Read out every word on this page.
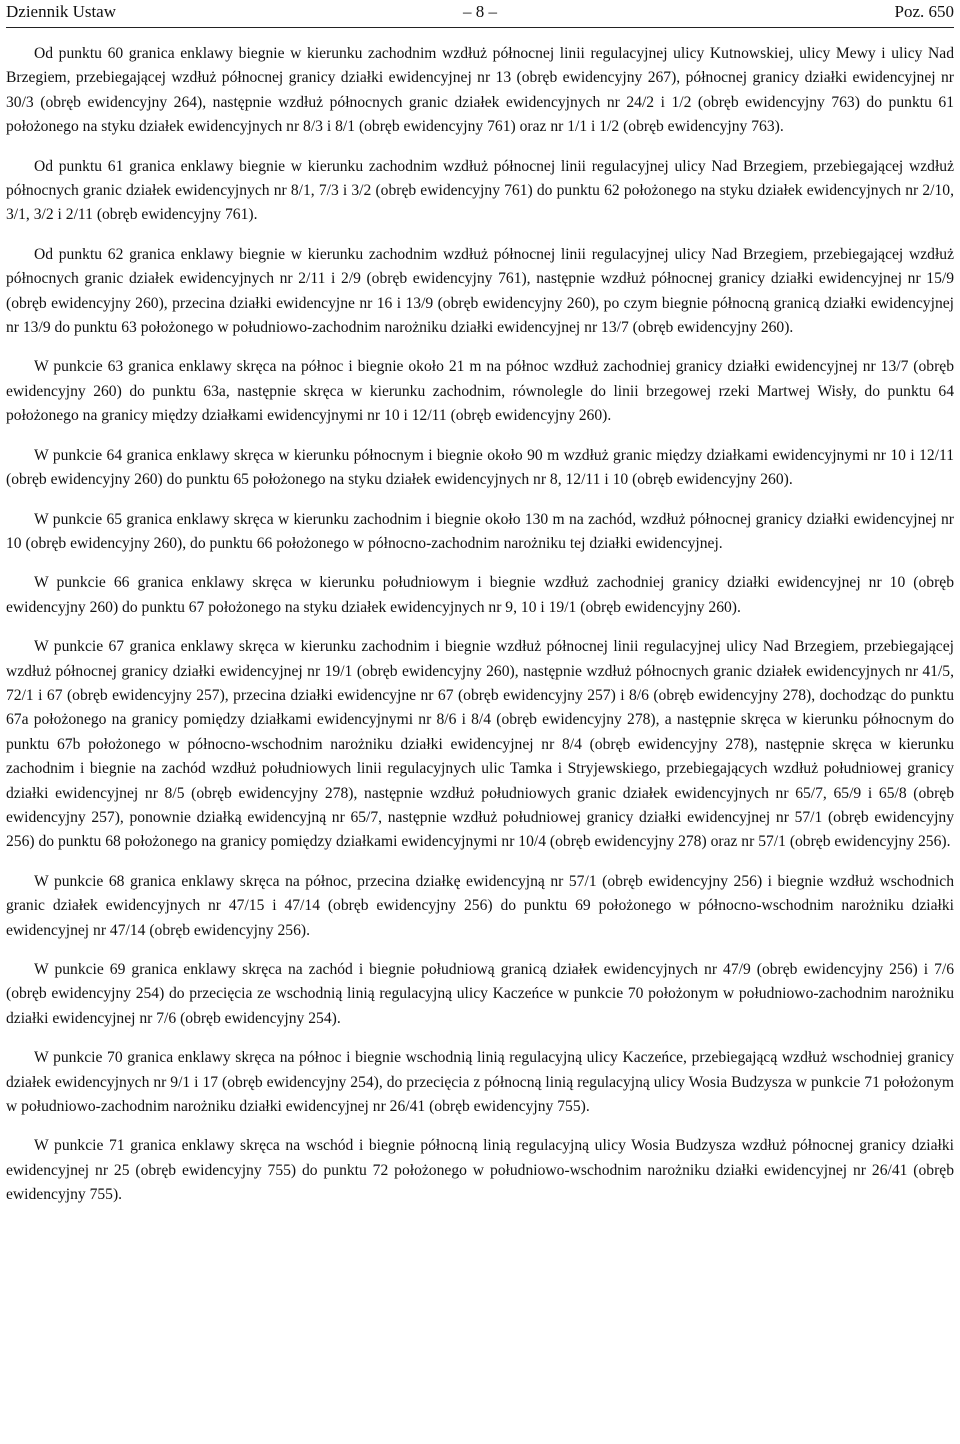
Dziennik Ustaw	– 8 –	Poz. 650

Od punktu 60 granica enklawy biegnie w kierunku zachodnim wzdłuż północnej linii regulacyjnej ulicy Kutnowskiej, ulicy Mewy i ulicy Nad Brzegiem, przebiegającej wzdłuż północnej granicy działki ewidencyjnej nr 13 (obręb ewidencyjny 267), północnej granicy działki ewidencyjnej nr 30/3 (obręb ewidencyjny 264), następnie wzdłuż północnych granic działek ewidencyjnych nr 24/2 i 1/2 (obręb ewidencyjny 763) do punktu 61 położonego na styku działek ewidencyjnych nr 8/3 i 8/1 (obręb ewidencyjny 761) oraz nr 1/1 i 1/2 (obręb ewidencyjny 763).

Od punktu 61 granica enklawy biegnie w kierunku zachodnim wzdłuż północnej linii regulacyjnej ulicy Nad Brzegiem, przebiegającej wzdłuż północnych granic działek ewidencyjnych nr 8/1, 7/3 i 3/2 (obręb ewidencyjny 761) do punktu 62 położonego na styku działek ewidencyjnych nr 2/10, 3/1, 3/2 i 2/11 (obręb ewidencyjny 761).

Od punktu 62 granica enklawy biegnie w kierunku zachodnim wzdłuż północnej linii regulacyjnej ulicy Nad Brzegiem, przebiegającej wzdłuż północnych granic działek ewidencyjnych nr 2/11 i 2/9 (obręb ewidencyjny 761), następnie wzdłuż północnej granicy działki ewidencyjnej nr 15/9 (obręb ewidencyjny 260), przecina działki ewidencyjne nr 16 i 13/9 (obręb ewidencyjny 260), po czym biegnie północną granicą działki ewidencyjnej nr 13/9 do punktu 63 położonego w południowo-zachodnim narożniku działki ewidencyjnej nr 13/7 (obręb ewidencyjny 260).

W punkcie 63 granica enklawy skręca na północ i biegnie około 21 m na północ wzdłuż zachodniej granicy działki ewidencyjnej nr 13/7 (obręb ewidencyjny 260) do punktu 63a, następnie skręca w kierunku zachodnim, równolegle do linii brzegowej rzeki Martwej Wisły, do punktu 64 położonego na granicy między działkami ewidencyjnymi nr 10 i 12/11 (obręb ewidencyjny 260).

W punkcie 64 granica enklawy skręca w kierunku północnym i biegnie około 90 m wzdłuż granic między działkami ewidencyjnymi nr 10 i 12/11 (obręb ewidencyjny 260) do punktu 65 położonego na styku działek ewidencyjnych nr 8, 12/11 i 10 (obręb ewidencyjny 260).

W punkcie 65 granica enklawy skręca w kierunku zachodnim i biegnie około 130 m na zachód, wzdłuż północnej granicy działki ewidencyjnej nr 10 (obręb ewidencyjny 260), do punktu 66 położonego w północno-zachodnim narożniku tej działki ewidencyjnej.

W punkcie 66 granica enklawy skręca w kierunku południowym i biegnie wzdłuż zachodniej granicy działki ewidencyjnej nr 10 (obręb ewidencyjny 260) do punktu 67 położonego na styku działek ewidencyjnych nr 9, 10 i 19/1 (obręb ewidencyjny 260).

W punkcie 67 granica enklawy skręca w kierunku zachodnim i biegnie wzdłuż północnej linii regulacyjnej ulicy Nad Brzegiem, przebiegającej wzdłuż północnej granicy działki ewidencyjnej nr 19/1 (obręb ewidencyjny 260), następnie wzdłuż północnych granic działek ewidencyjnych nr 41/5, 72/1 i 67 (obręb ewidencyjny 257), przecina działki ewidencyjne nr 67 (obręb ewidencyjny 257) i 8/6 (obręb ewidencyjny 278), dochodząc do punktu 67a położonego na granicy pomiędzy działkami ewidencyjnymi nr 8/6 i 8/4 (obręb ewidencyjny 278), a następnie skręca w kierunku północnym do punktu 67b położonego w północno-wschodnim narożniku działki ewidencyjnej nr 8/4 (obręb ewidencyjny 278), następnie skręca w kierunku zachodnim i biegnie na zachód wzdłuż południowych linii regulacyjnych ulic Tamka i Stryjewskiego, przebiegających wzdłuż południowej granicy działki ewidencyjnej nr 8/5 (obręb ewidencyjny 278), następnie wzdłuż południowych granic działek ewidencyjnych nr 65/7, 65/9 i 65/8 (obręb ewidencyjny 257), ponownie działką ewidencyjną nr 65/7, następnie wzdłuż południowej granicy działki ewidencyjnej nr 57/1 (obręb ewidencyjny 256) do punktu 68 położonego na granicy pomiędzy działkami ewidencyjnymi nr 10/4 (obręb ewidencyjny 278) oraz nr 57/1 (obręb ewidencyjny 256).

W punkcie 68 granica enklawy skręca na północ, przecina działkę ewidencyjną nr 57/1 (obręb ewidencyjny 256) i biegnie wzdłuż wschodnich granic działek ewidencyjnych nr 47/15 i 47/14 (obręb ewidencyjny 256) do punktu 69 położonego w północno-wschodnim narożniku działki ewidencyjnej nr 47/14 (obręb ewidencyjny 256).

W punkcie 69 granica enklawy skręca na zachód i biegnie południową granicą działek ewidencyjnych nr 47/9 (obręb ewidencyjny 256) i 7/6 (obręb ewidencyjny 254) do przecięcia ze wschodnią linią regulacyjną ulicy Kaczeńce w punkcie 70 położonym w południowo-zachodnim narożniku działki ewidencyjnej nr 7/6 (obręb ewidencyjny 254).

W punkcie 70 granica enklawy skręca na północ i biegnie wschodnią linią regulacyjną ulicy Kaczeńce, przebiegającą wzdłuż wschodniej granicy działek ewidencyjnych nr 9/1 i 17 (obręb ewidencyjny 254), do przecięcia z północną linią regulacyjną ulicy Wosia Budzysza w punkcie 71 położonym w południowo-zachodnim narożniku działki ewidencyjnej nr 26/41 (obręb ewidencyjny 755).

W punkcie 71 granica enklawy skręca na wschód i biegnie północną linią regulacyjną ulicy Wosia Budzysza wzdłuż północnej granicy działki ewidencyjnej nr 25 (obręb ewidencyjny 755) do punktu 72 położonego w południowo-wschodnim narożniku działki ewidencyjnej nr 26/41 (obręb ewidencyjny 755).
